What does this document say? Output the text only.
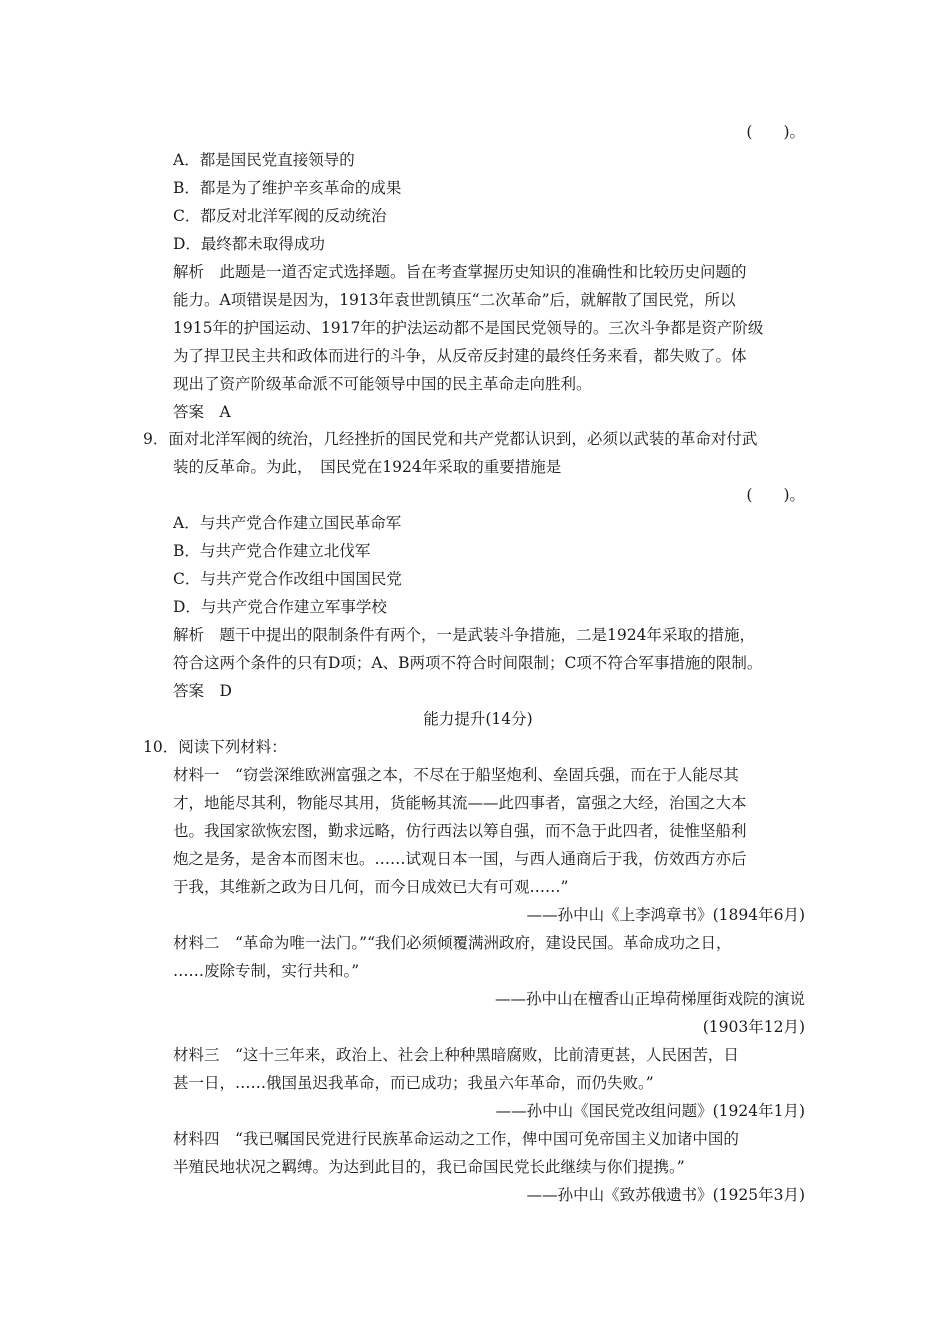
(　　)。
A．都是国民党直接领导的
B．都是为了维护辛亥革命的成果
C．都反对北洋军阀的反动统治
D．最终都未取得成功
解析　此题是一道否定式选择题。旨在考查掌握历史知识的准确性和比较历史问题的
能力。A项错误是因为，1913年袁世凯镇压“二次革命”后，就解散了国民党，所以
1915年的护国运动、1917年的护法运动都不是国民党领导的。三次斗争都是资产阶级
为了捍卫民主共和政体而进行的斗争，从反帝反封建的最终任务来看，都失败了。体
现出了资产阶级革命派不可能领导中国的民主革命走向胜利。
答案　A
9．面对北洋军阀的统治，几经挫折的国民党和共产党都认识到，必须以武装的革命对付武
装的反革命。为此，　国民党在1924年采取的重要措施是
(　　)。
A．与共产党合作建立国民革命军
B．与共产党合作建立北伐军
C．与共产党合作改组中国国民党
D．与共产党合作建立军事学校
解析　题干中提出的限制条件有两个，一是武装斗争措施，二是1924年采取的措施，
符合这两个条件的只有D项；A、B两项不符合时间限制；C项不符合军事措施的限制。
答案　D
能力提升(14分)
10．阅读下列材料：
材料一　“窃尝深维欧洲富强之本，不尽在于船坚炮利、垒固兵强，而在于人能尽其
才，地能尽其利，物能尽其用，货能畅其流——此四事者，富强之大经，治国之大本
也。我国家欲恢宏图，勤求远略，仿行西法以筹自强，而不急于此四者，徒惟坚船利
炮之是务，是舍本而图末也。……试观日本一国，与西人通商后于我，仿效西方亦后
于我，其维新之政为日几何，而今日成效已大有可观……”
——孙中山《上李鸿章书》(1894年6月)
材料二　“革命为唯一法门。”“我们必须倾覆满洲政府，建设民国。革命成功之日，
……废除专制，实行共和。”
——孙中山在檀香山正埠荷梯厘街戏院的演说
(1903年12月)
材料三　“这十三年来，政治上、社会上种种黑暗腐败，比前清更甚，人民困苦，日
甚一日，……俄国虽迟我革命，而已成功；我虽六年革命，而仍失败。”
——孙中山《国民党改组问题》(1924年1月)
材料四　“我已嘱国民党进行民族革命运动之工作，俾中国可免帝国主义加诸中国的
半殖民地状况之羁缚。为达到此目的，我已命国民党长此继续与你们提携。”
——孙中山《致苏俄遗书》(1925年3月)
